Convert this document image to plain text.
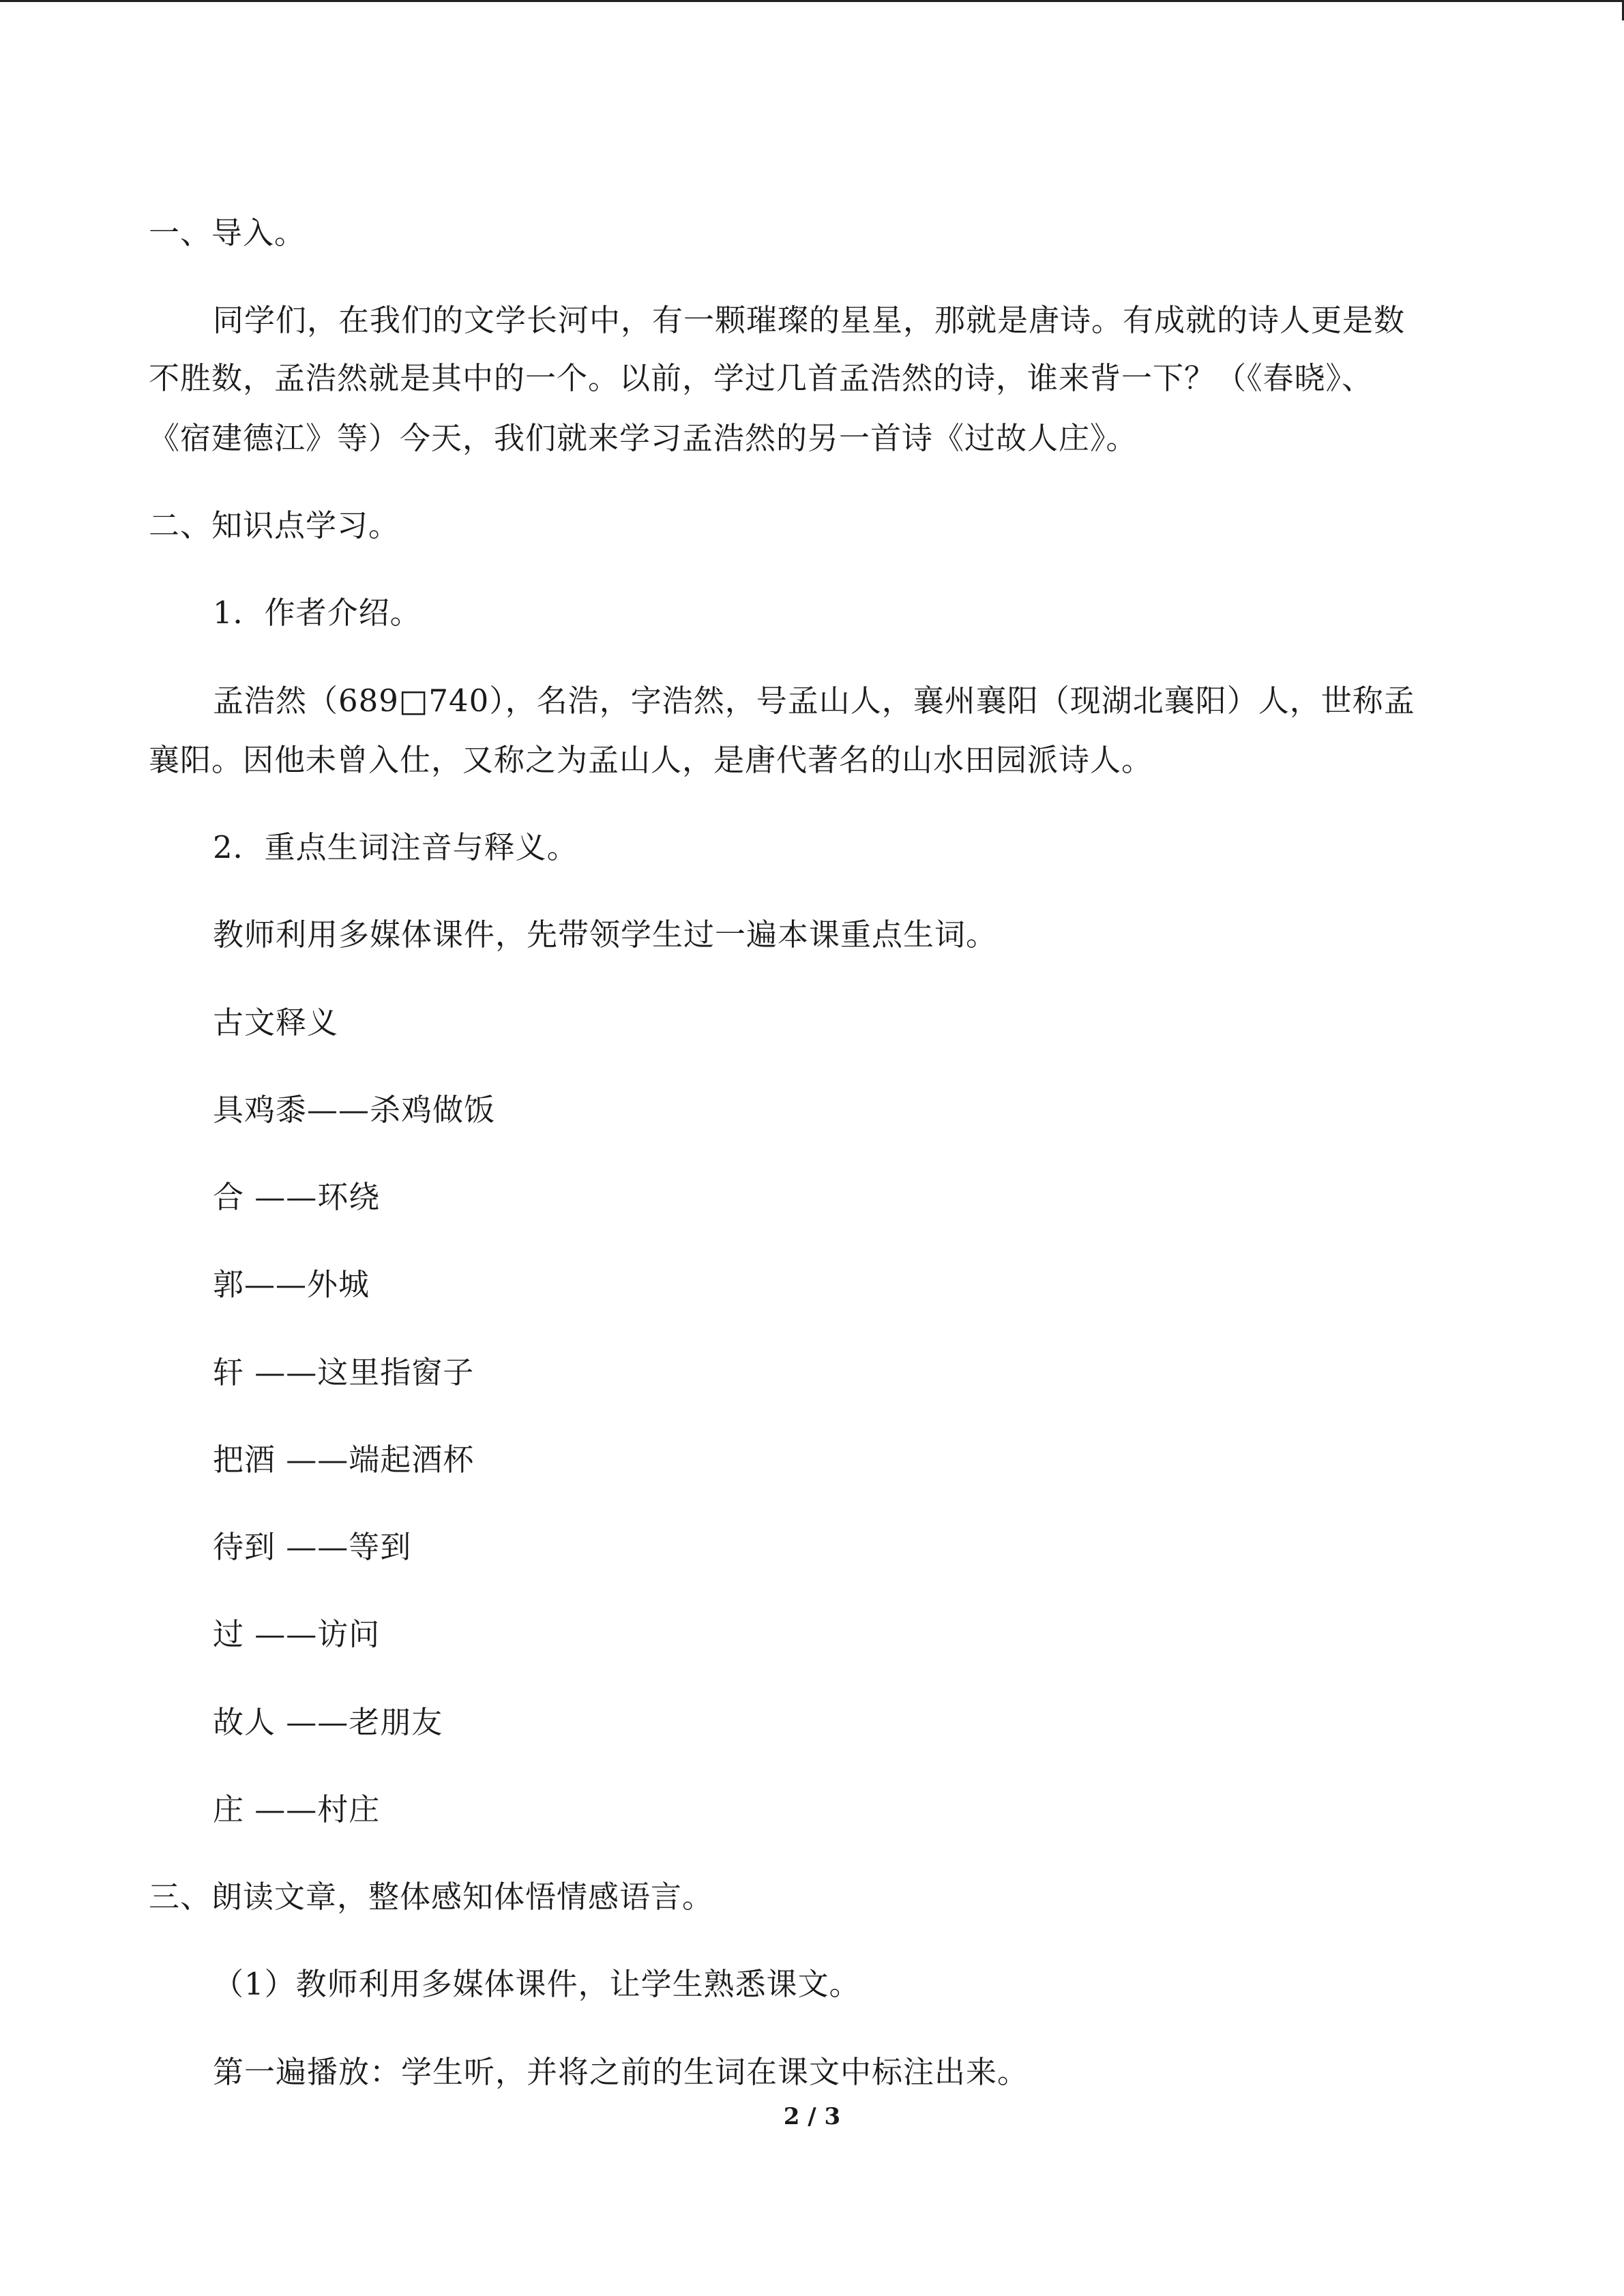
一、导入。
同学们，在我们的文学长河中，有一颗璀璨的星星，那就是唐诗。有成就的诗人更是数
不胜数，孟浩然就是其中的一个。以前，学过几首孟浩然的诗，谁来背一下？（《春晓》、
《宿建德江》等）今天，我们就来学习孟浩然的另一首诗《过故人庄》。
二、知识点学习。
1．作者介绍。
孟浩然（689□740），名浩，字浩然，号孟山人，襄州襄阳（现湖北襄阳）人，世称孟
襄阳。因他未曾入仕，又称之为孟山人，是唐代著名的山水田园派诗人。
2．重点生词注音与释义。
教师利用多媒体课件，先带领学生过一遍本课重点生词。
古文释义
具鸡黍——杀鸡做饭
合 ——环绕
郭——外城
轩 ——这里指窗子
把酒 ——端起酒杯
待到 ——等到
过 ——访问
故人 ——老朋友
庄 ——村庄
三、朗读文章，整体感知体悟情感语言。
（1）教师利用多媒体课件，让学生熟悉课文。
第一遍播放：学生听，并将之前的生词在课文中标注出来。
2 / 3
